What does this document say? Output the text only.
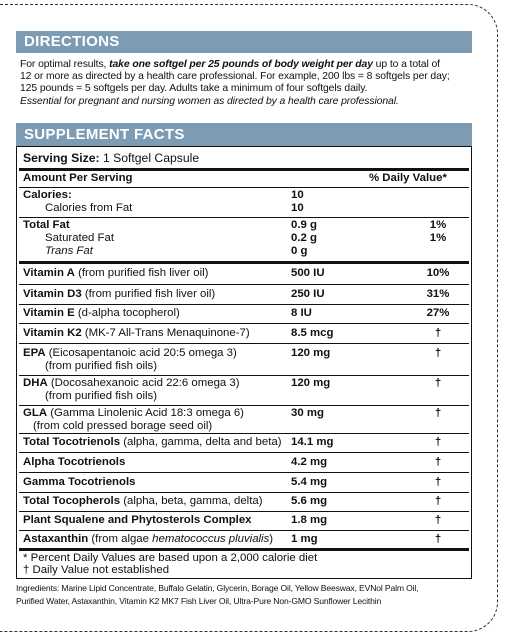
DIRECTIONS
For optimal results, take one softgel per 25 pounds of body weight per day up to a total of
12 or more as directed by a health care professional. For example, 200 lbs = 8 softgels per day;
125 pounds = 5 softgels per day. Adults take a minimum of four softgels daily.
Essential for pregnant and nursing women as directed by a health care professional.
SUPPLEMENT FACTS
Serving Size: 1 Softgel Capsule
Amount Per Serving	% Daily Value*
Calories:	10
Calories from Fat	10
Total Fat	0.9 g	1%
Saturated Fat	0.2 g	1%
Trans Fat	0 g
Vitamin A (from purified fish liver oil)	500 IU	10%
Vitamin D3 (from purified fish liver oil)	250 IU	31%
Vitamin E (d-alpha tocopherol)	8 IU	27%
Vitamin K2 (MK-7 All-Trans Menaquinone-7)	8.5 mcg	†
EPA (Eicosapentanoic acid 20:5 omega 3)	120 mg	†

(from purified fish oils)
DHA (Docosahexanoic acid 22:6 omega 3)	120 mg	†

(from purified fish oils)
GLA (Gamma Linolenic Acid 18:3 omega 6)	30 mg	†

(from cold pressed borage seed oil)
Total Tocotrienols (alpha, gamma, delta and beta) 14.1 mg	†
Alpha Tocotrienols	4.2 mg	†
Gamma Tocotrienols	5.4 mg	†
Total Tocopherols (alpha, beta, gamma, delta)	5.6 mg	†
Plant Squalene and Phytosterols Complex	1.8 mg	†
Astaxanthin (from algae hematococcus pluvialis) 1 mg	†
* Percent Daily Values are based upon a 2,000 calorie diet
† Daily Value not established
Ingredients: Marine Lipid Concentrate, Buffalo Gelatin, Glycerin, Borage Oil, Yellow Beeswax, EVNol Palm Oil,
Purified Water, Astaxanthin, Vitamin K2 MK7 Fish Liver Oil, Ultra-Pure Non-GMO Sunflower Lecithin
